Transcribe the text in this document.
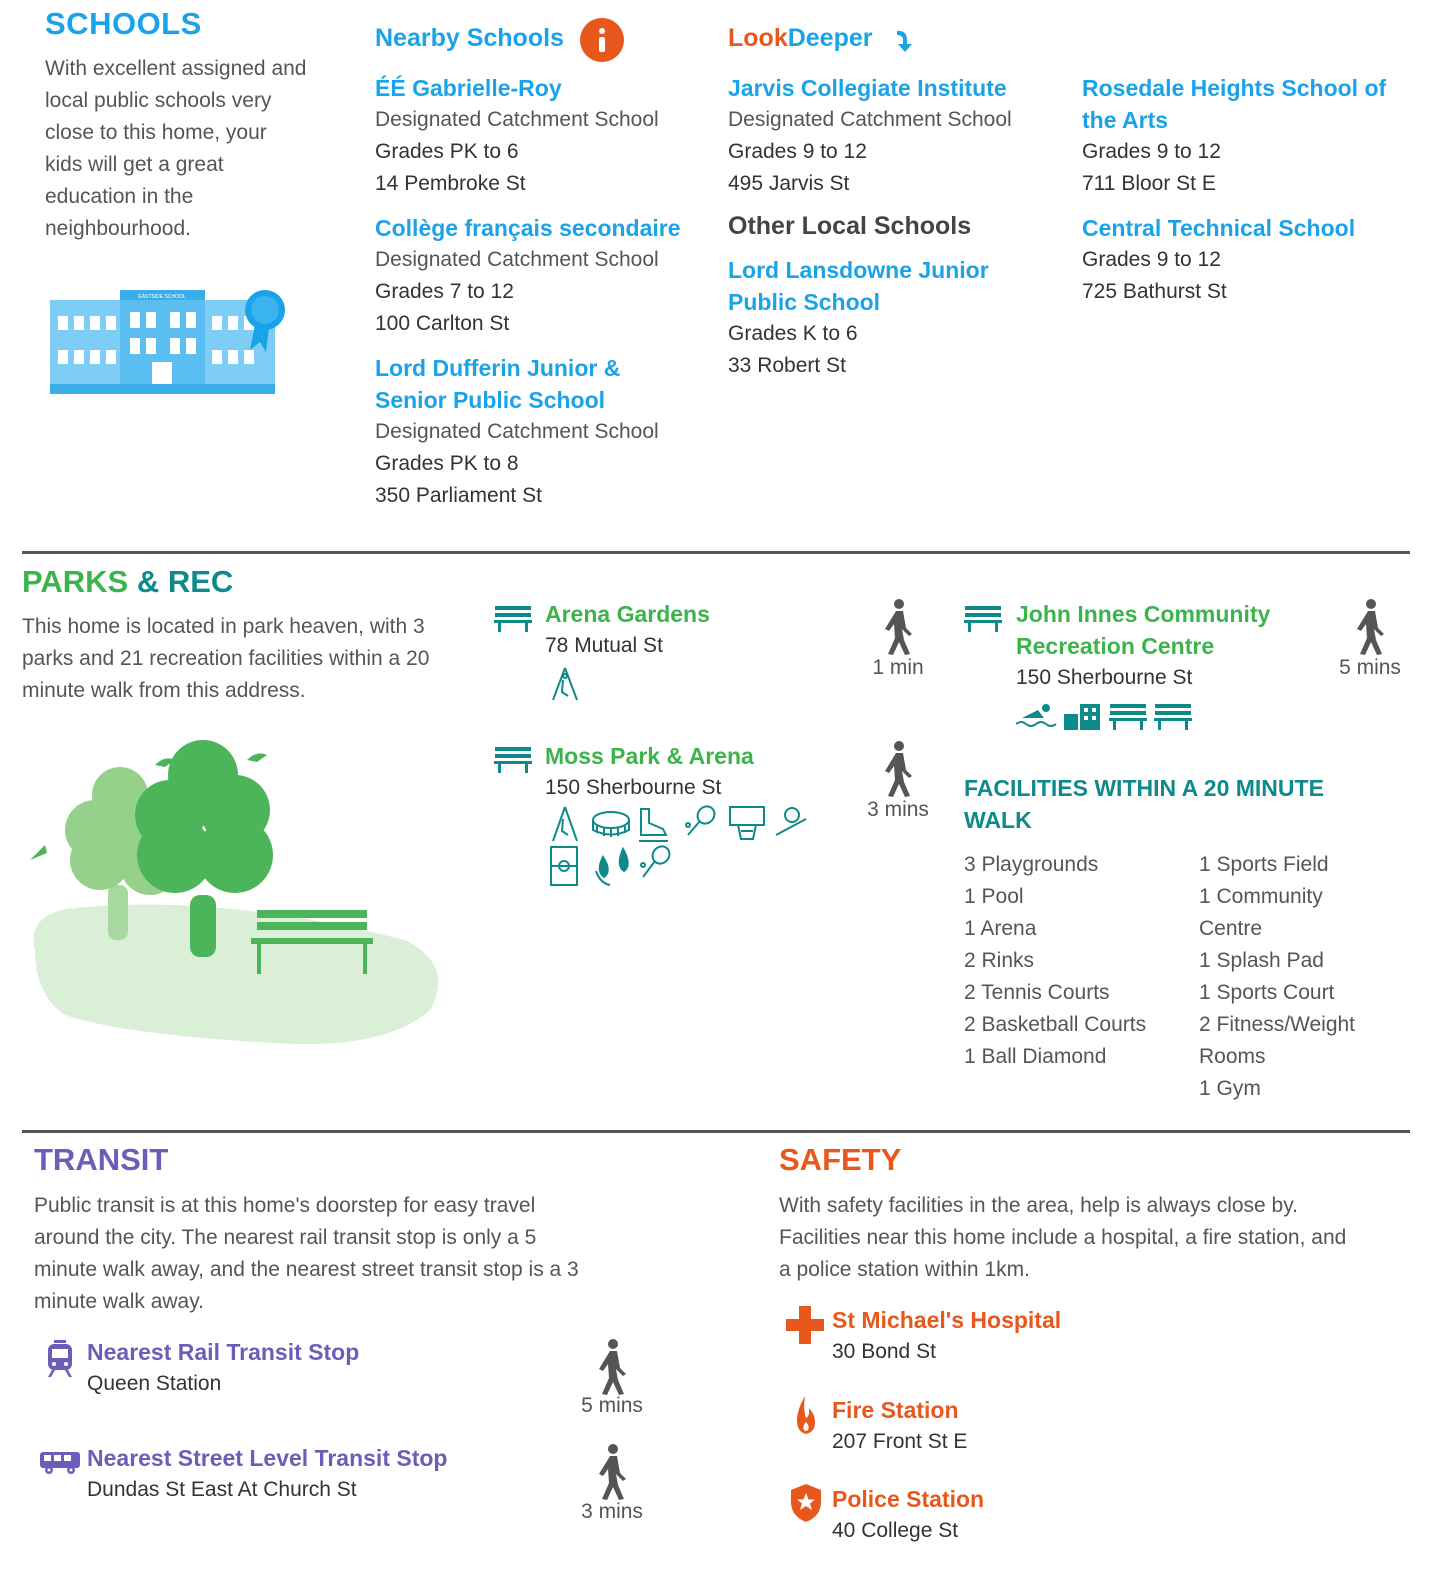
SCHOOLS
With excellent assigned and local public schools very close to this home, your kids will get a great education in the neighbourhood.
EASTSIDE SCHOOL
Nearby Schools	LookDeeper
ÉÉ Gabrielle-Roy
Designated Catchment School
Grades PK to 6
14 Pembroke St
Collège français secondaire
Designated Catchment School
Grades 7 to 12
100 Carlton St
Lord Dufferin Junior &
Senior Public School
Designated Catchment School
Grades PK to 8
350 Parliament St
Jarvis Collegiate Institute
Designated Catchment School
Grades 9 to 12
495 Jarvis St
Other Local Schools
Lord Lansdowne Junior
Public School
Grades K to 6
33 Robert St
Rosedale Heights School of
the Arts
Grades 9 to 12
711 Bloor St E
Central Technical School
Grades 9 to 12
725 Bathurst St
PARKS & REC
This home is located in park heaven, with 3 parks and 21 recreation facilities within a 20 minute walk from this address.
Arena Gardens
78 Mutual St
1 min
Moss Park & Arena
150 Sherbourne St
3 mins
John Innes Community
Recreation Centre
150 Sherbourne St	5 mins
FACILITIES WITHIN A 20 MINUTE
WALK
3 Playgrounds
1 Pool
1 Arena
2 Rinks
2 Tennis Courts
2 Basketball Courts
1 Ball Diamond
1 Sports Field
1 Community
Centre
1 Splash Pad
1 Sports Court
2 Fitness/Weight
Rooms
1 Gym
TRANSIT
Public transit is at this home's doorstep for easy travel
around the city. The nearest rail transit stop is only a 5
minute walk away, and the nearest street transit stop is a 3
minute walk away.
Nearest Rail Transit Stop
Queen Station
5 mins
Nearest Street Level Transit Stop
Dundas St East At Church St
3 mins
SAFETY
With safety facilities in the area, help is always close by.
Facilities near this home include a hospital, a fire station, and
a police station within 1km.
St Michael's Hospital
30 Bond St
Fire Station
207 Front St E
Police Station
40 College St
